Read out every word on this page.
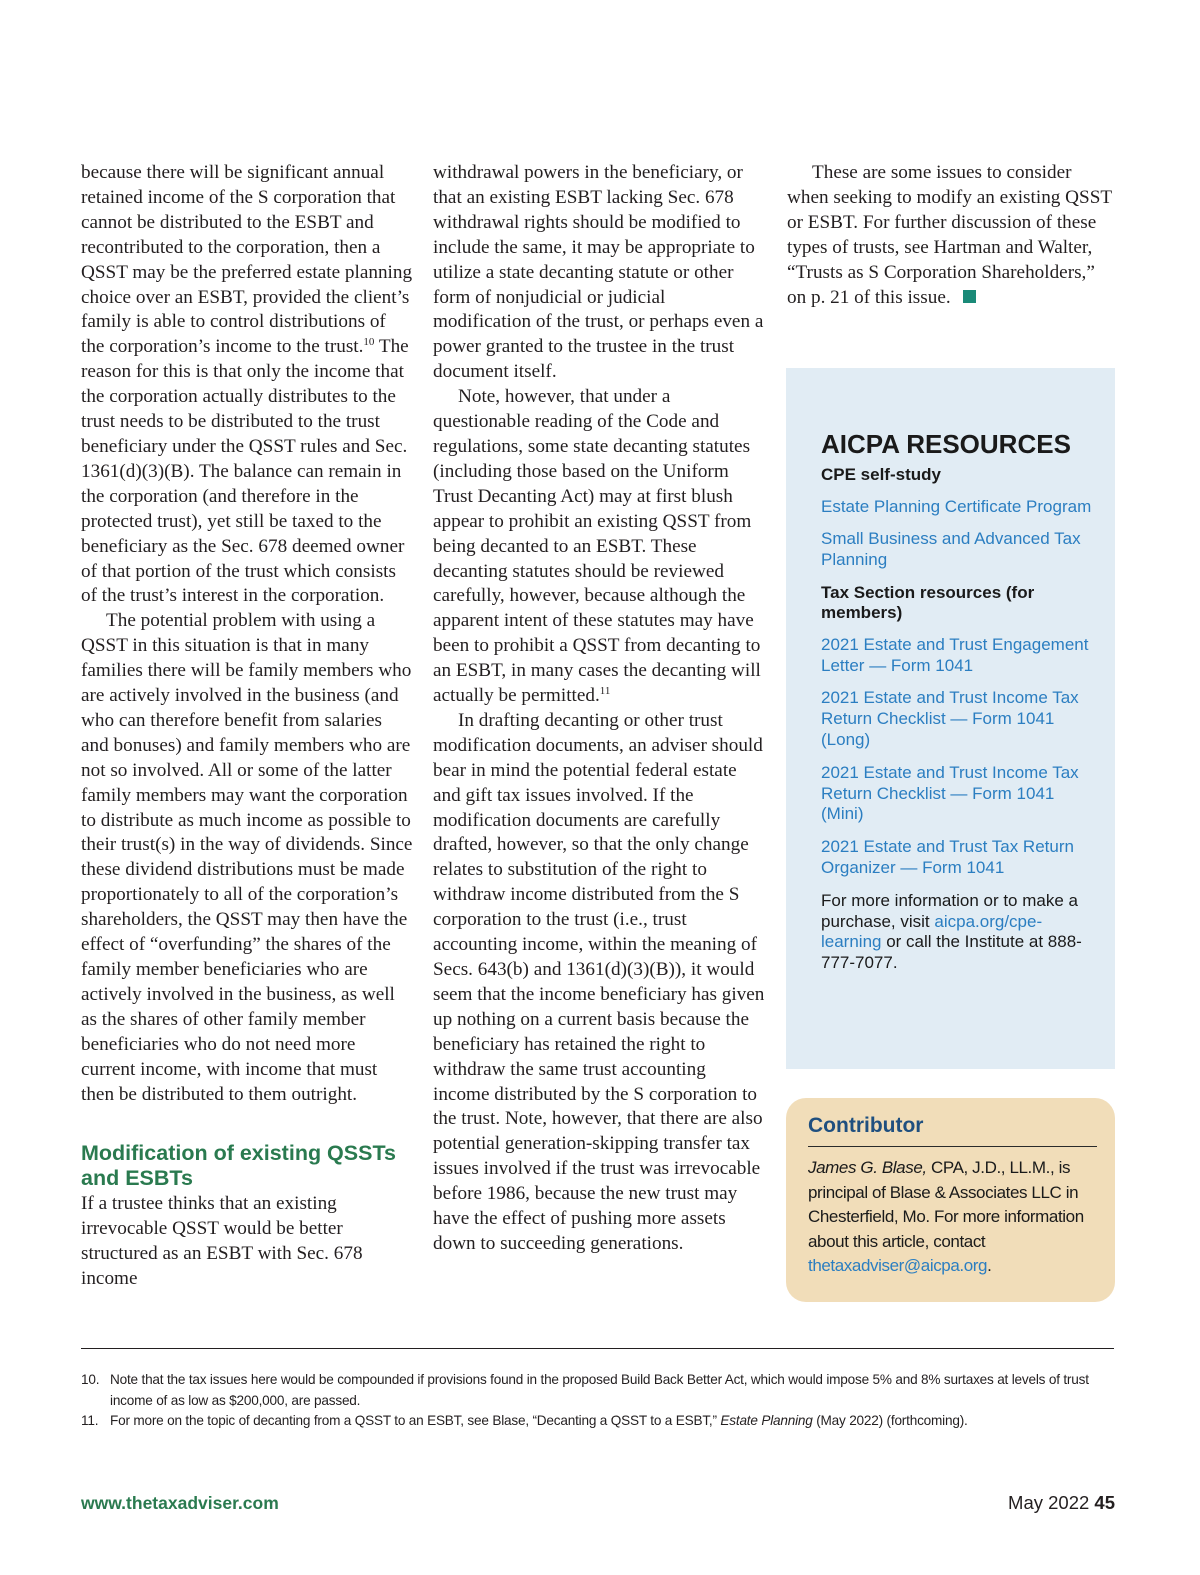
because there will be significant annual retained income of the S corporation that cannot be distributed to the ESBT and recontributed to the corporation, then a QSST may be the preferred estate planning choice over an ESBT, provided the client’s family is able to control distributions of the corporation’s income to the trust.$^{10}$ The reason for this is that only the income that the corporation actually distributes to the trust needs to be distributed to the trust beneficiary under the QSST rules and Sec. 1361(d)(3)(B). The balance can remain in the corporation (and therefore in the protected trust), yet still be taxed to the beneficiary as the Sec. 678 deemed owner of that portion of the trust which consists of the trust’s interest in the corporation.

The potential problem with using a QSST in this situation is that in many families there will be family members who are actively involved in the business (and who can therefore benefit from salaries and bonuses) and family members who are not so involved. All or some of the latter family members may want the corporation to distribute as much income as possible to their trust(s) in the way of dividends. Since these dividend distributions must be made proportionately to all of the corporation’s shareholders, the QSST may then have the effect of “overfunding” the shares of the family member beneficiaries who are actively involved in the business, as well as the shares of other family member beneficiaries who do not need more current income, with income that must then be distributed to them outright.

Modification of existing QSSTs and ESBTs

If a trustee thinks that an existing irrevocable QSST would be better structured as an ESBT with Sec. 678 income

withdrawal powers in the beneficiary, or that an existing ESBT lacking Sec. 678 withdrawal rights should be modified to include the same, it may be appropriate to utilize a state decanting statute or other form of nonjudicial or judicial modification of the trust, or perhaps even a power granted to the trustee in the trust document itself.

Note, however, that under a questionable reading of the Code and regulations, some state decanting statutes (including those based on the Uniform Trust Decanting Act) may at first blush appear to prohibit an existing QSST from being decanted to an ESBT. These decanting statutes should be reviewed carefully, however, because although the apparent intent of these statutes may have been to prohibit a QSST from decanting to an ESBT, in many cases the decanting will actually be permitted.$^{11}$

In drafting decanting or other trust modification documents, an adviser should bear in mind the potential federal estate and gift tax issues involved. If the modification documents are carefully drafted, however, so that the only change relates to substitution of the right to withdraw income distributed from the S corporation to the trust (i.e., trust accounting income, within the meaning of Secs. 643(b) and 1361(d)(3)(B)), it would seem that the income beneficiary has given up nothing on a current basis because the beneficiary has retained the right to withdraw the same trust accounting income distributed by the S corporation to the trust. Note, however, that there are also potential generation-skipping transfer tax issues involved if the trust was irrevocable before 1986, because the new trust may have the effect of pushing more assets down to succeeding generations.

These are some issues to consider when seeking to modify an existing QSST or ESBT. For further discussion of these types of trusts, see Hartman and Walter, “Trusts as S Corporation Shareholders,” on p. 21 of this issue.

AICPA RESOURCES
CPE self-study
Estate Planning Certificate Program
Small Business and Advanced Tax Planning
Tax Section resources (for members)
2021 Estate and Trust Engagement Letter — Form 1041
2021 Estate and Trust Income Tax Return Checklist — Form 1041 (Long)
2021 Estate and Trust Income Tax Return Checklist — Form 1041 (Mini)
2021 Estate and Trust Tax Return Organizer — Form 1041

For more information or to make a purchase, visit aicpa.org/cpe-learning or call the Institute at 888-777-7077.

Contributor

James G. Blase, CPA, J.D., LL.M., is principal of Blase & Associates LLC in Chesterfield, Mo. For more information about this article, contact thetaxadviser@aicpa.org.

10. Note that the tax issues here would be compounded if provisions found in the proposed Build Back Better Act, which would impose 5% and 8% surtaxes at levels of trust income of as low as $200,000, are passed.
11. For more on the topic of decanting from a QSST to an ESBT, see Blase, “Decanting a QSST to a ESBT,” Estate Planning (May 2022) (forthcoming).
www.thetaxadviser.com	May 2022 45
